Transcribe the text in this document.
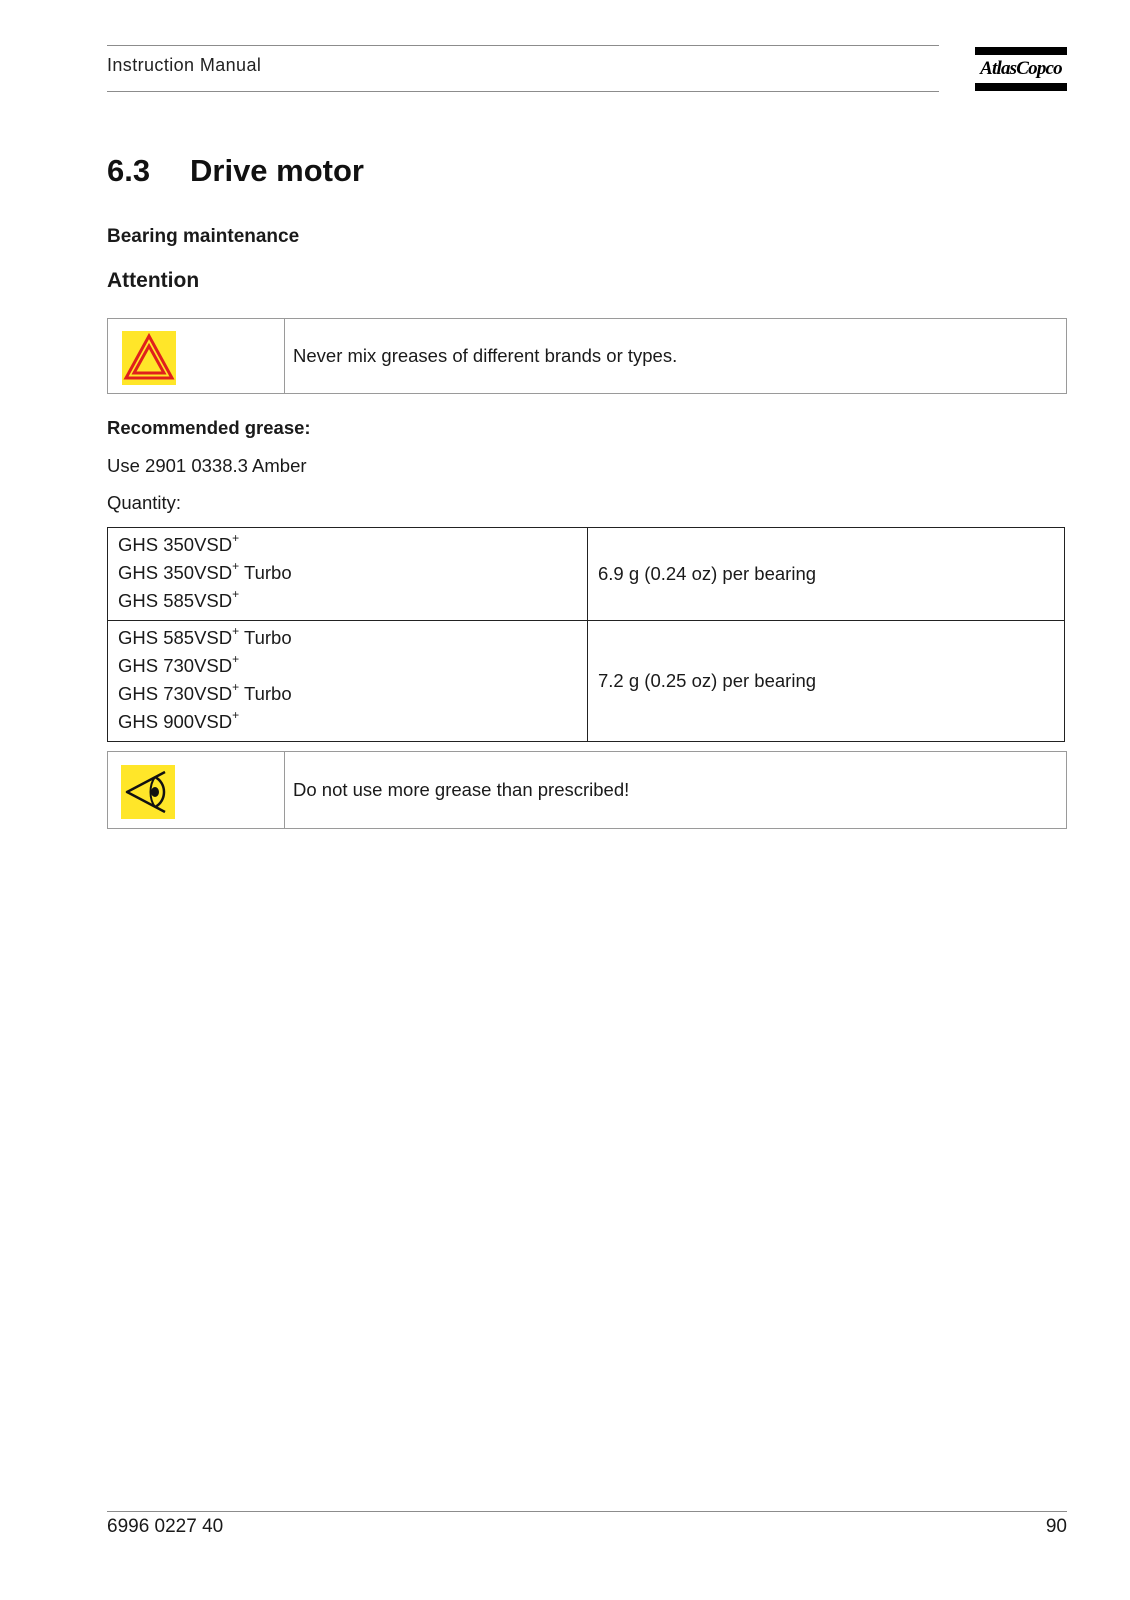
Instruction Manual	AtlasCopco
6.3 Drive motor
Bearing maintenance
Attention
Never mix greases of different brands or types.
Recommended grease:
Use 2901 0338.3 Amber
Quantity:
GHS 350VSD+
GHS 350VSD+ Turbo
GHS 585VSD+	6.9 g (0.24 oz) per bearing

GHS 585VSD+ Turbo
GHS 730VSD+
GHS 730VSD+ Turbo
GHS 900VSD+	7.2 g (0.25 oz) per bearing
Do not use more grease than prescribed!
6996 0227 40	90
